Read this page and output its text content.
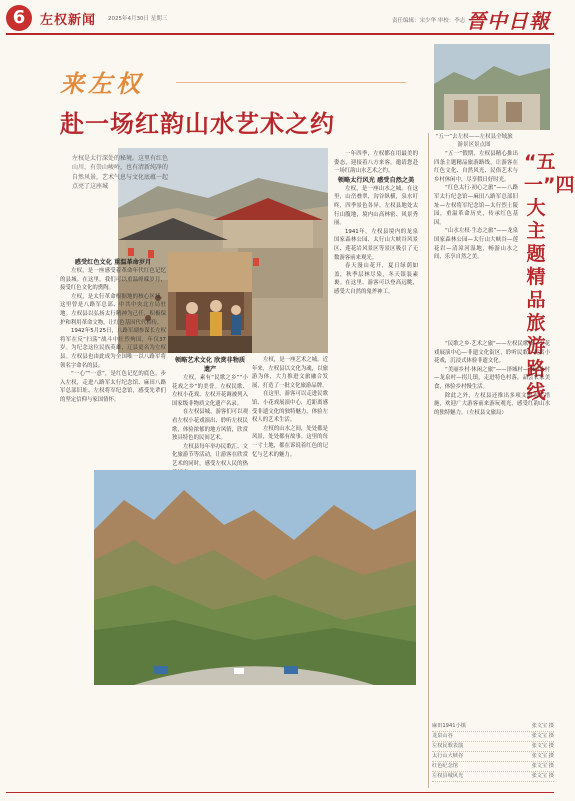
6	左权新闻 2025年4月30日 星期三	责任编辑：宋少华 审校：李志 晉中日報
来左权
赴一场红韵山水艺术之约
左权是太行深处的秘境。这里有红色山川、有崇山峻岭，也有清新纯净的自然风景，艺术气息与文化底蕴一起点亮了这座城

感受红色文化 重温革命岁月

左权，是一座感受着革命年代红色记忆的县城。在这里，我们可以重温峥嵘岁月，接受红色文化的熏陶。

左权，是太行革命根据地的核心区域，这里曾是八路军总部、中共中央北方局驻地。左权县以弘扬太行精神为己任，积极保护和利用革命文物，让红色基因代代相传。

1942年5月25日，八路军副参谋长左权将军在反“扫荡”战斗中壮烈殉国，年仅37岁。为纪念这位民族英雄，辽县更名为左权县。左权县也由此成为全国唯一以八路军将领名字命名的县。

“一心”“一意”，是红色记忆的底色。步入左权，走进八路军太行纪念馆、麻田八路军总部旧址、左权将军纪念馆，感受先辈们的坚定信仰与家国情怀。

领略艺术文化 欣赏非物质遗产

左权，素有“民歌之乡”“小花戏之乡”的美誉。左权民歌、左权小花戏、左权开花调被列入国家级非物质文化遗产名录。

在左权县城，游客们可以观看左权小花戏演出、聆听左权民歌，体验浓郁的地方风情，欣赏独具特色的民间艺术。

左权县每年举办民歌汇、文化旅游节等活动，让游客在欣赏艺术的同时，感受左权人民的热

左权，是一座艺术之城。近年来，左权县以文化为魂，以旅游为体，大力推进文旅融合发展，打造了一批文化旅游品牌。

在这里，游客可以走进民歌馆、小花戏展演中心，近距离感受非遗文化的独特魅力，体验左权人的艺术生活。

左权的山水之间，处处都是风景，处处都有故事。这里的每一寸土地，都在诉说着红色的记忆与艺术的魅力。

一年四季，左权都在用最美的姿态，迎接着八方来客，邀请您赴一场红韵山水艺术之约。

领略太行风光 感受自然之美

左权，是一座山水之城。在这里，山峦叠翠，沟谷纵横，泉水叮咚，四季景色各异。左权县地处太行山腹地，境内山高林密、风景秀丽。

1941年，左权县境内的龙泉国家森林公园、太行山大峡谷风景区、莲花岩风景区等景区吸引了无数游客前来观光。

春天漫山花开，夏日绿荫如盖，秋季层林尽染，冬天银装素裹。在这里，游客可以登高远眺，感受大自然的鬼斧神工。

“五一”去左权——左权县全域旅游景区景点图
“五一”四大主题精品旅游路线

“五一”假期，左权县精心推出四条主题精品旅游路线，让游客在红色文化、自然风光、民俗艺术与乡村休闲中，尽享假日好时光。

“红色太行·初心之旅”——八路军太行纪念馆—麻田八路军总部旧址—左权将军纪念馆—太行烈士陵园，重温革命历史，传承红色基因。

“山水左权·生态之旅”——龙泉国家森林公园—太行山大峡谷—莲花岩—清漳河湿地，畅游山水之间，乐享自然之美。

“民歌之乡·艺术之旅”——左权民歌馆—小花戏展演中心—非遗文化街区，聆听民歌、观赏小花戏，沉浸式体验非遗文化。

“美丽乡村·休闲之旅”——泽城村—西河头村—龙泉村—拐儿镇，走进特色村落，品尝农家美食，体验乡村慢生活。

除此之外，左权县还推出多项文旅惠民措施，欢迎广大游客前来游玩观光，感受红韵山水的独特魅力。（左权县文旅局）

麻田1941小镇	张文宝 摄
龙泉山谷	张文宝 摄
左权民歌表演	张文宝 摄
太行山大峡谷	张文宝 摄
红色纪念馆	张文宝 摄
左权县城风光	张文宝 摄
